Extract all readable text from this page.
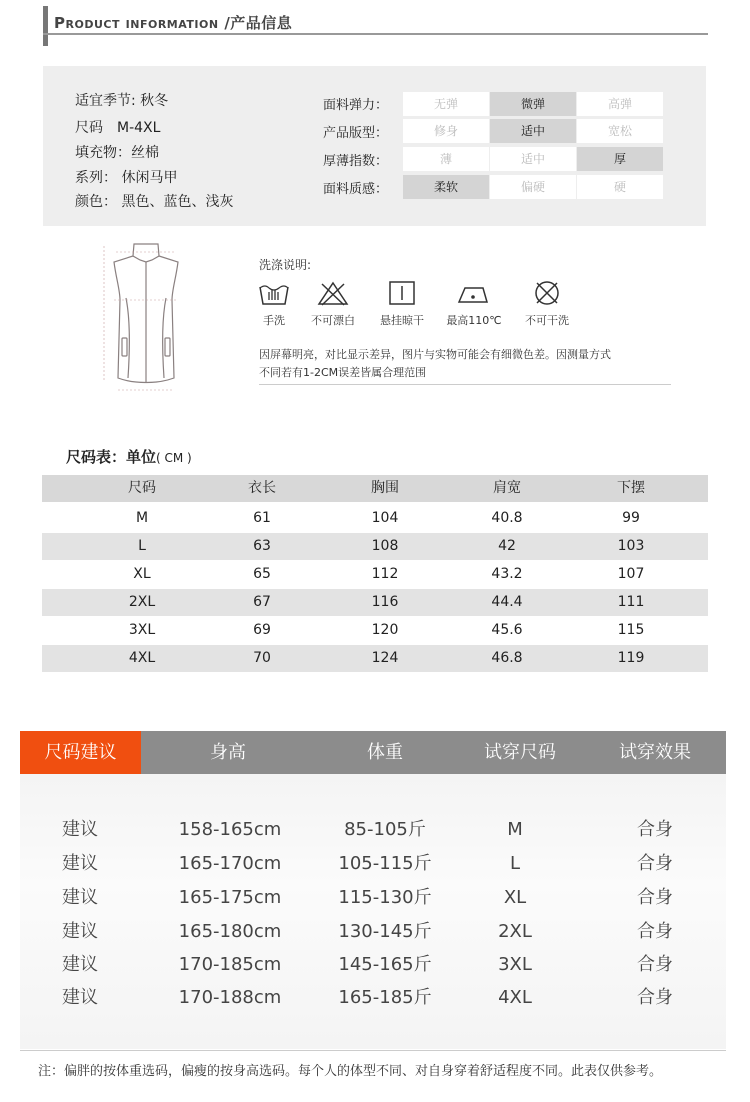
Product information /产品信息
适宜季节: 秋冬
尺码　M-4XL
填充物：丝棉
系列： 休闲马甲
颜色： 黑色、蓝色、浅灰
面料弹力：	无弹	微弹	高弹
产品版型：	修身	适中	宽松
厚薄指数：	薄	适中	厚
面料质感：	柔软	偏硬	硬
洗涤说明:
手洗	不可漂白	悬挂晾干	最高110℃	不可干洗
因屏幕明亮，对比显示差异，图片与实物可能会有细微色差。因测量方式
不同若有1-2CM误差皆属合理范围
尺码表：单位( CM )
尺码	衣长	胸围	肩宽	下摆
M	61	104	40.8	99
L	63	108	42	103
XL	65	112	43.2	107
2XL	67	116	44.4	111
3XL	69	120	45.6	115
4XL	70	124	46.8	119
尺码建议	身高	体重	试穿尺码	试穿效果
建议	158-165cm	85-105斤	M	合身
建议	165-170cm	105-115斤	L	合身
建议	165-175cm	115-130斤	XL	合身
建议	165-180cm	130-145斤	2XL	合身
建议	170-185cm	145-165斤	3XL	合身
建议	170-188cm	165-185斤	4XL	合身
注：偏胖的按体重选码，偏瘦的按身高选码。每个人的体型不同、对自身穿着舒适程度不同。此表仅供参考。
